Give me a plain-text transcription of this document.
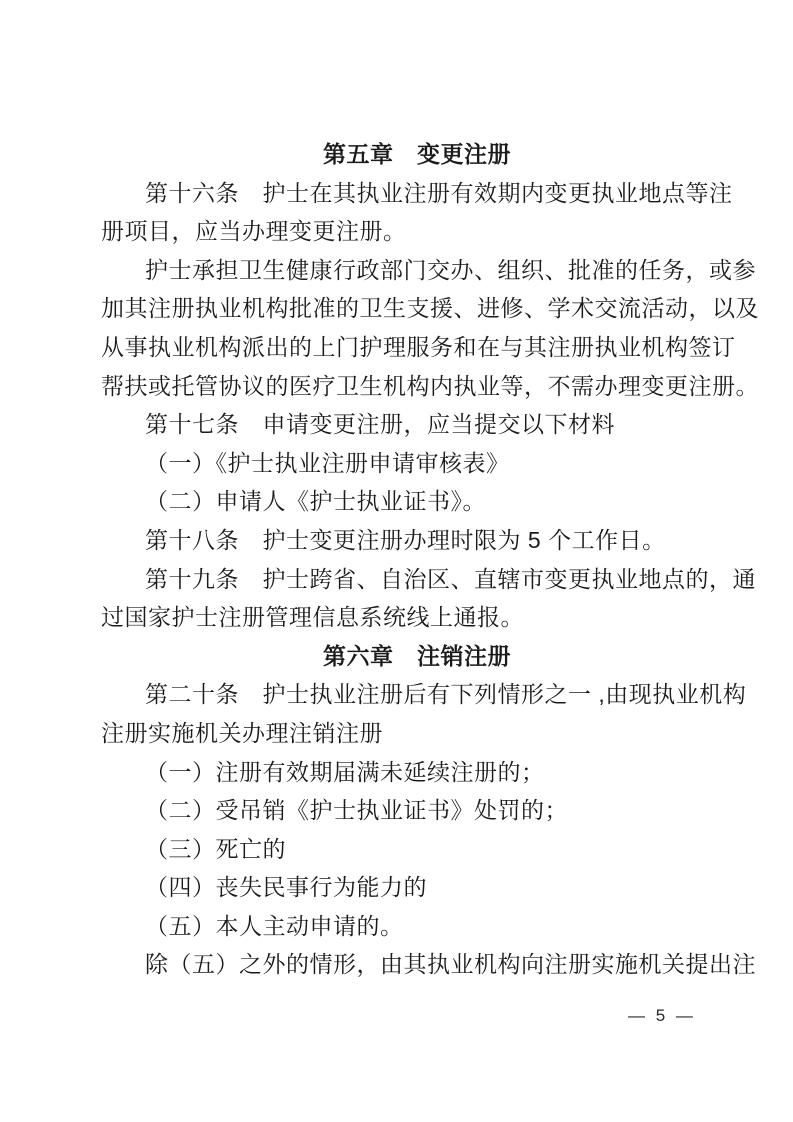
第五章　变更注册

第十六条　护士在其执业注册有效期内变更执业地点等注

册项目，应当办理变更注册。

护士承担卫生健康行政部门交办、组织、批准的任务，或参

加其注册执业机构批准的卫生支援、进修、学术交流活动，以及

从事执业机构派出的上门护理服务和在与其注册执业机构签订

帮扶或托管协议的医疗卫生机构内执业等，不需办理变更注册。

第十七条　申请变更注册，应当提交以下材料

（一）《护士执业注册申请审核表》

（二）申请人《护士执业证书》。

第十八条　护士变更注册办理时限为 5 个工作日。

第十九条　护士跨省、自治区、直辖市变更执业地点的，通

过国家护士注册管理信息系统线上通报。

第六章　注销注册

第二十条　护士执业注册后有下列情形之一 ,由现执业机构

注册实施机关办理注销注册

（一）注册有效期届满未延续注册的；

（二）受吊销《护士执业证书》处罚的；

（三）死亡的

（四）丧失民事行为能力的

（五）本人主动申请的。

除（五）之外的情形，由其执业机构向注册实施机关提出注

— 5 —
